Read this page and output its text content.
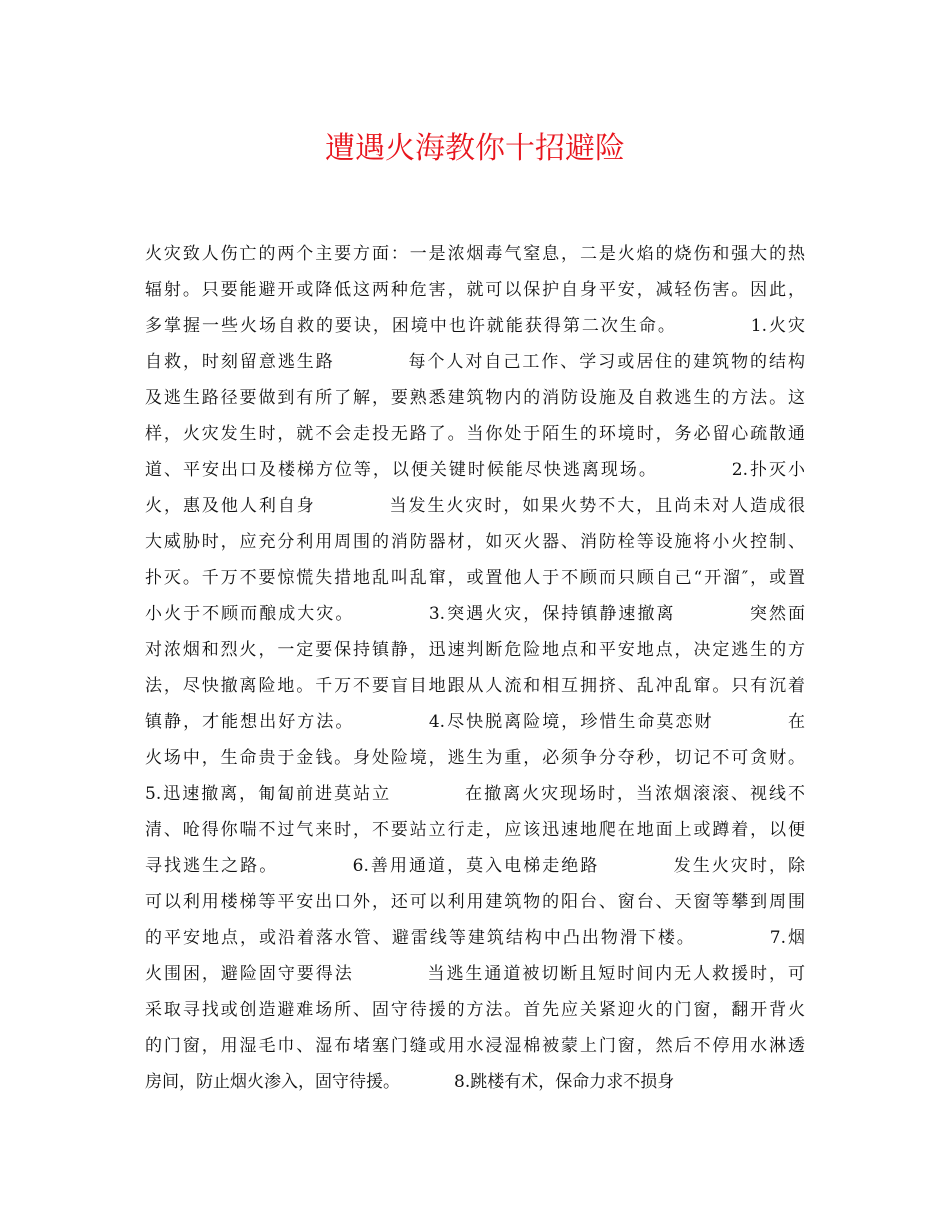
遭遇火海教你十招避险
火灾致人伤亡的两个主要方面：一是浓烟毒气窒息，二是火焰的烧伤和强大的热
辐射。只要能避开或降低这两种危害，就可以保护自身平安，减轻伤害。因此，
多掌握一些火场自救的要诀，困境中也许就能获得第二次生命。          1.火灾
自救，时刻留意逃生路          每个人对自己工作、学习或居住的建筑物的结构
及逃生路径要做到有所了解，要熟悉建筑物内的消防设施及自救逃生的方法。这
样，火灾发生时，就不会走投无路了。当你处于陌生的环境时，务必留心疏散通
道、平安出口及楼梯方位等，以便关键时候能尽快逃离现场。          2.扑灭小
火，惠及他人利自身          当发生火灾时，如果火势不大，且尚未对人造成很
大威胁时，应充分利用周围的消防器材，如灭火器、消防栓等设施将小火控制、
扑灭。千万不要惊慌失措地乱叫乱窜，或置他人于不顾而只顾自己“开溜″，或置
小火于不顾而酿成大灾。          3.突遇火灾，保持镇静速撤离          突然面
对浓烟和烈火，一定要保持镇静，迅速判断危险地点和平安地点，决定逃生的方
法，尽快撤离险地。千万不要盲目地跟从人流和相互拥挤、乱冲乱窜。只有沉着
镇静，才能想出好方法。          4.尽快脱离险境，珍惜生命莫恋财          在
火场中，生命贵于金钱。身处险境，逃生为重，必须争分夺秒，切记不可贪财。
5.迅速撤离，匍匐前进莫站立          在撤离火灾现场时，当浓烟滚滚、视线不
清、呛得你喘不过气来时，不要站立行走，应该迅速地爬在地面上或蹲着，以便
寻找逃生之路。          6.善用通道，莫入电梯走绝路          发生火灾时，除
可以利用楼梯等平安出口外，还可以利用建筑物的阳台、窗台、天窗等攀到周围
的平安地点，或沿着落水管、避雷线等建筑结构中凸出物滑下楼。          7.烟
火围困，避险固守要得法          当逃生通道被切断且短时间内无人救援时，可
采取寻找或创造避难场所、固守待援的方法。首先应关紧迎火的门窗，翻开背火
的门窗，用湿毛巾、湿布堵塞门缝或用水浸湿棉被蒙上门窗，然后不停用水淋透
房间，防止烟火渗入，固守待援。          8.跳楼有术，保命力求不损身
